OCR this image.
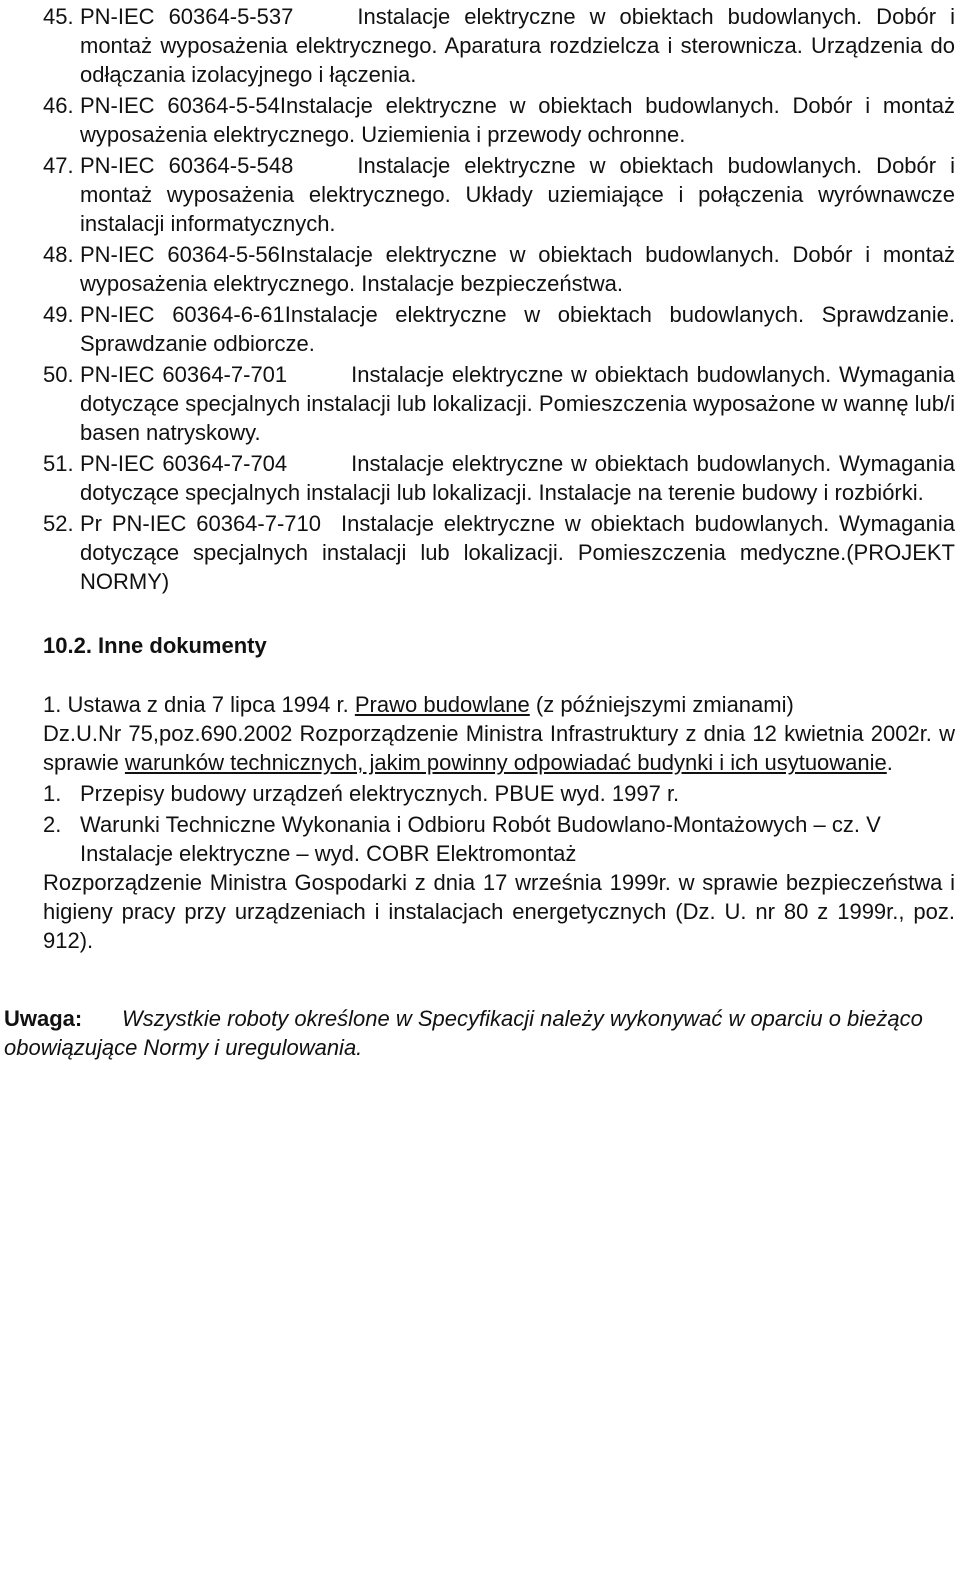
45. PN-IEC 60364-5-537	Instalacje elektryczne w obiektach budowlanych. Dobór i montaż wyposażenia elektrycznego. Aparatura rozdzielcza i sterownicza. Urządzenia do odłączania izolacyjnego i łączenia.
46. PN-IEC 60364-5-54Instalacje elektryczne w obiektach budowlanych. Dobór i montaż wyposażenia elektrycznego. Uziemienia i przewody ochronne.
47. PN-IEC 60364-5-548	Instalacje elektryczne w obiektach budowlanych. Dobór i montaż wyposażenia elektrycznego. Układy uziemiające i połączenia wyrównawcze instalacji informatycznych.
48. PN-IEC 60364-5-56Instalacje elektryczne w obiektach budowlanych. Dobór i montaż wyposażenia elektrycznego. Instalacje bezpieczeństwa.
49. PN-IEC 60364-6-61Instalacje elektryczne w obiektach budowlanych. Sprawdzanie. Sprawdzanie odbiorcze.
50. PN-IEC 60364-7-701	Instalacje elektryczne w obiektach budowlanych. Wymagania dotyczące specjalnych instalacji lub lokalizacji. Pomieszczenia wyposażone w wannę lub/i basen natryskowy.
51. PN-IEC 60364-7-704	Instalacje elektryczne w obiektach budowlanych. Wymagania dotyczące specjalnych instalacji lub lokalizacji. Instalacje na terenie budowy i rozbiórki.
52. Pr PN-IEC 60364-7-710 Instalacje elektryczne w obiektach budowlanych. Wymagania dotyczące specjalnych instalacji lub lokalizacji. Pomieszczenia medyczne.(PROJEKT NORMY)
10.2. Inne dokumenty

1. Ustawa z dnia 7 lipca 1994 r. Prawo budowlane (z późniejszymi zmianami)

Dz.U.Nr 75,poz.690.2002 Rozporządzenie Ministra Infrastruktury z dnia 12 kwietnia 2002r. w sprawie warunków technicznych, jakim powinny odpowiadać budynki i ich usytuowanie.

1. Przepisy budowy urządzeń elektrycznych. PBUE wyd. 1997 r.
2. Warunki Techniczne Wykonania i Odbioru Robót Budowlano-Montażowych – cz. V Instalacje elektryczne – wyd. COBR Elektromontaż

Rozporządzenie Ministra Gospodarki z dnia 17 września 1999r. w sprawie bezpieczeństwa i higieny pracy przy urządzeniach i instalacjach energetycznych (Dz. U. nr 80 z 1999r., poz. 912).

Uwaga: Wszystkie roboty określone w Specyfikacji należy wykonywać w oparciu o bieżąco obowiązujące Normy i uregulowania.
